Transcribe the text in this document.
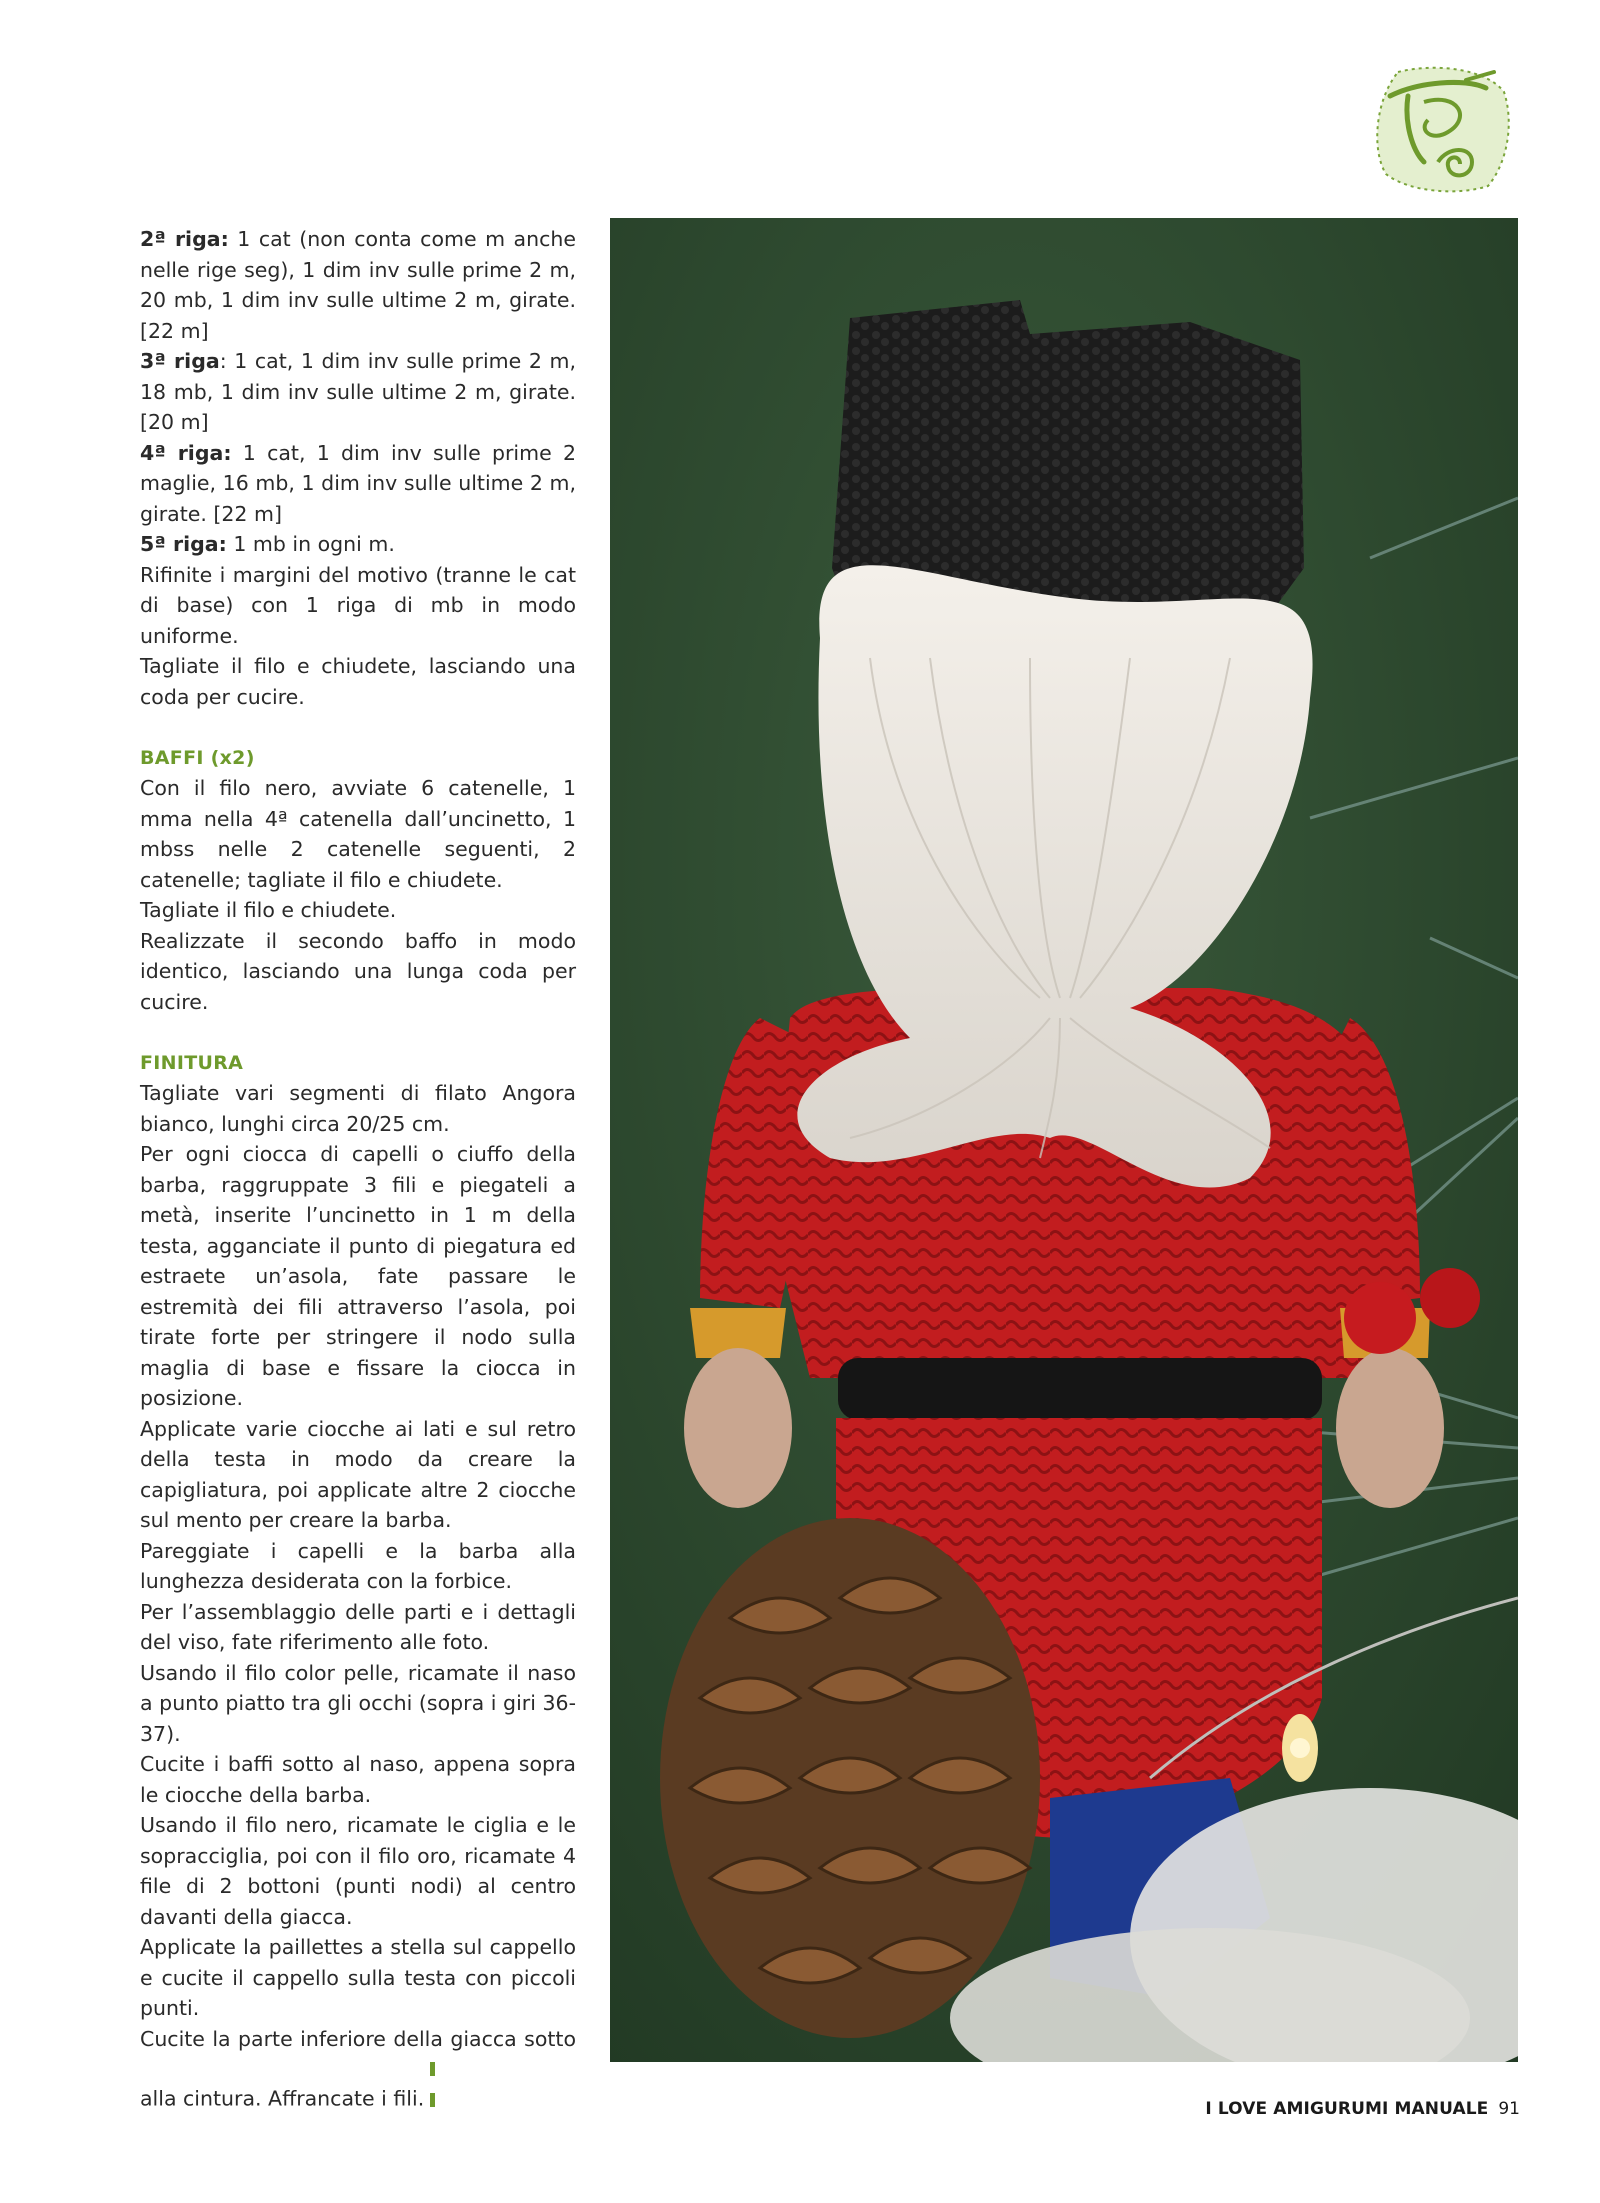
2ª riga: 1 cat (non conta come m anche nelle rige seg), 1 dim inv sulle prime 2 m, 20 mb, 1 dim inv sulle ultime 2 m, girate. [22 m]

3ª riga: 1 cat, 1 dim inv sulle prime 2 m, 18 mb, 1 dim inv sulle ultime 2 m, girate. [20 m]

4ª riga: 1 cat, 1 dim inv sulle prime 2 maglie, 16 mb, 1 dim inv sulle ultime 2 m, girate. [22 m]

5ª riga: 1 mb in ogni m.

Rifinite i margini del motivo (tranne le cat di base) con 1 riga di mb in modo uniforme.

Tagliate il filo e chiudete, lasciando una coda per cucire.

BAFFI (x2)

Con il filo nero, avviate 6 catenelle, 1 mma nella 4ª catenella dall’uncinetto, 1 mbss nelle 2 catenelle seguenti, 2 catenelle; tagliate il filo e chiudete.

Tagliate il filo e chiudete.

Realizzate il secondo baffo in modo identico, lasciando una lunga coda per cucire.

FINITURA

Tagliate vari segmenti di filato Angora bianco, lunghi circa 20/25 cm.

Per ogni ciocca di capelli o ciuffo della barba, raggruppate 3 fili e piegateli a metà, inserite l’uncinetto in 1 m della testa, agganciate il punto di piegatura ed estraete un’asola, fate passare le estremità dei fili attraverso l’asola, poi tirate forte per stringere il nodo sulla maglia di base e fissare la ciocca in posizione.

Applicate varie ciocche ai lati e sul retro della testa in modo da creare la capigliatura, poi applicate altre 2 ciocche sul mento per creare la barba.

Pareggiate i capelli e la barba alla lunghezza desiderata con la forbice.

Per l’assemblaggio delle parti e i dettagli del viso, fate riferimento alle foto.

Usando il filo color pelle, ricamate il naso a punto piatto tra gli occhi (sopra i giri 36-37).

Cucite i baffi sotto al naso, appena sopra le ciocche della barba.

Usando il filo nero, ricamate le ciglia e le sopracciglia, poi con il filo oro, ricamate 4 file di 2 bottoni (punti nodi) al centro davanti della giacca.

Applicate la paillettes a stella sul cappello e cucite il cappello sulla testa con piccoli punti.

Cucite la parte inferiore della giacca sotto alla cintura. Affrancate i fili.	I LOVE AMIGURUMI MANUALE 91
